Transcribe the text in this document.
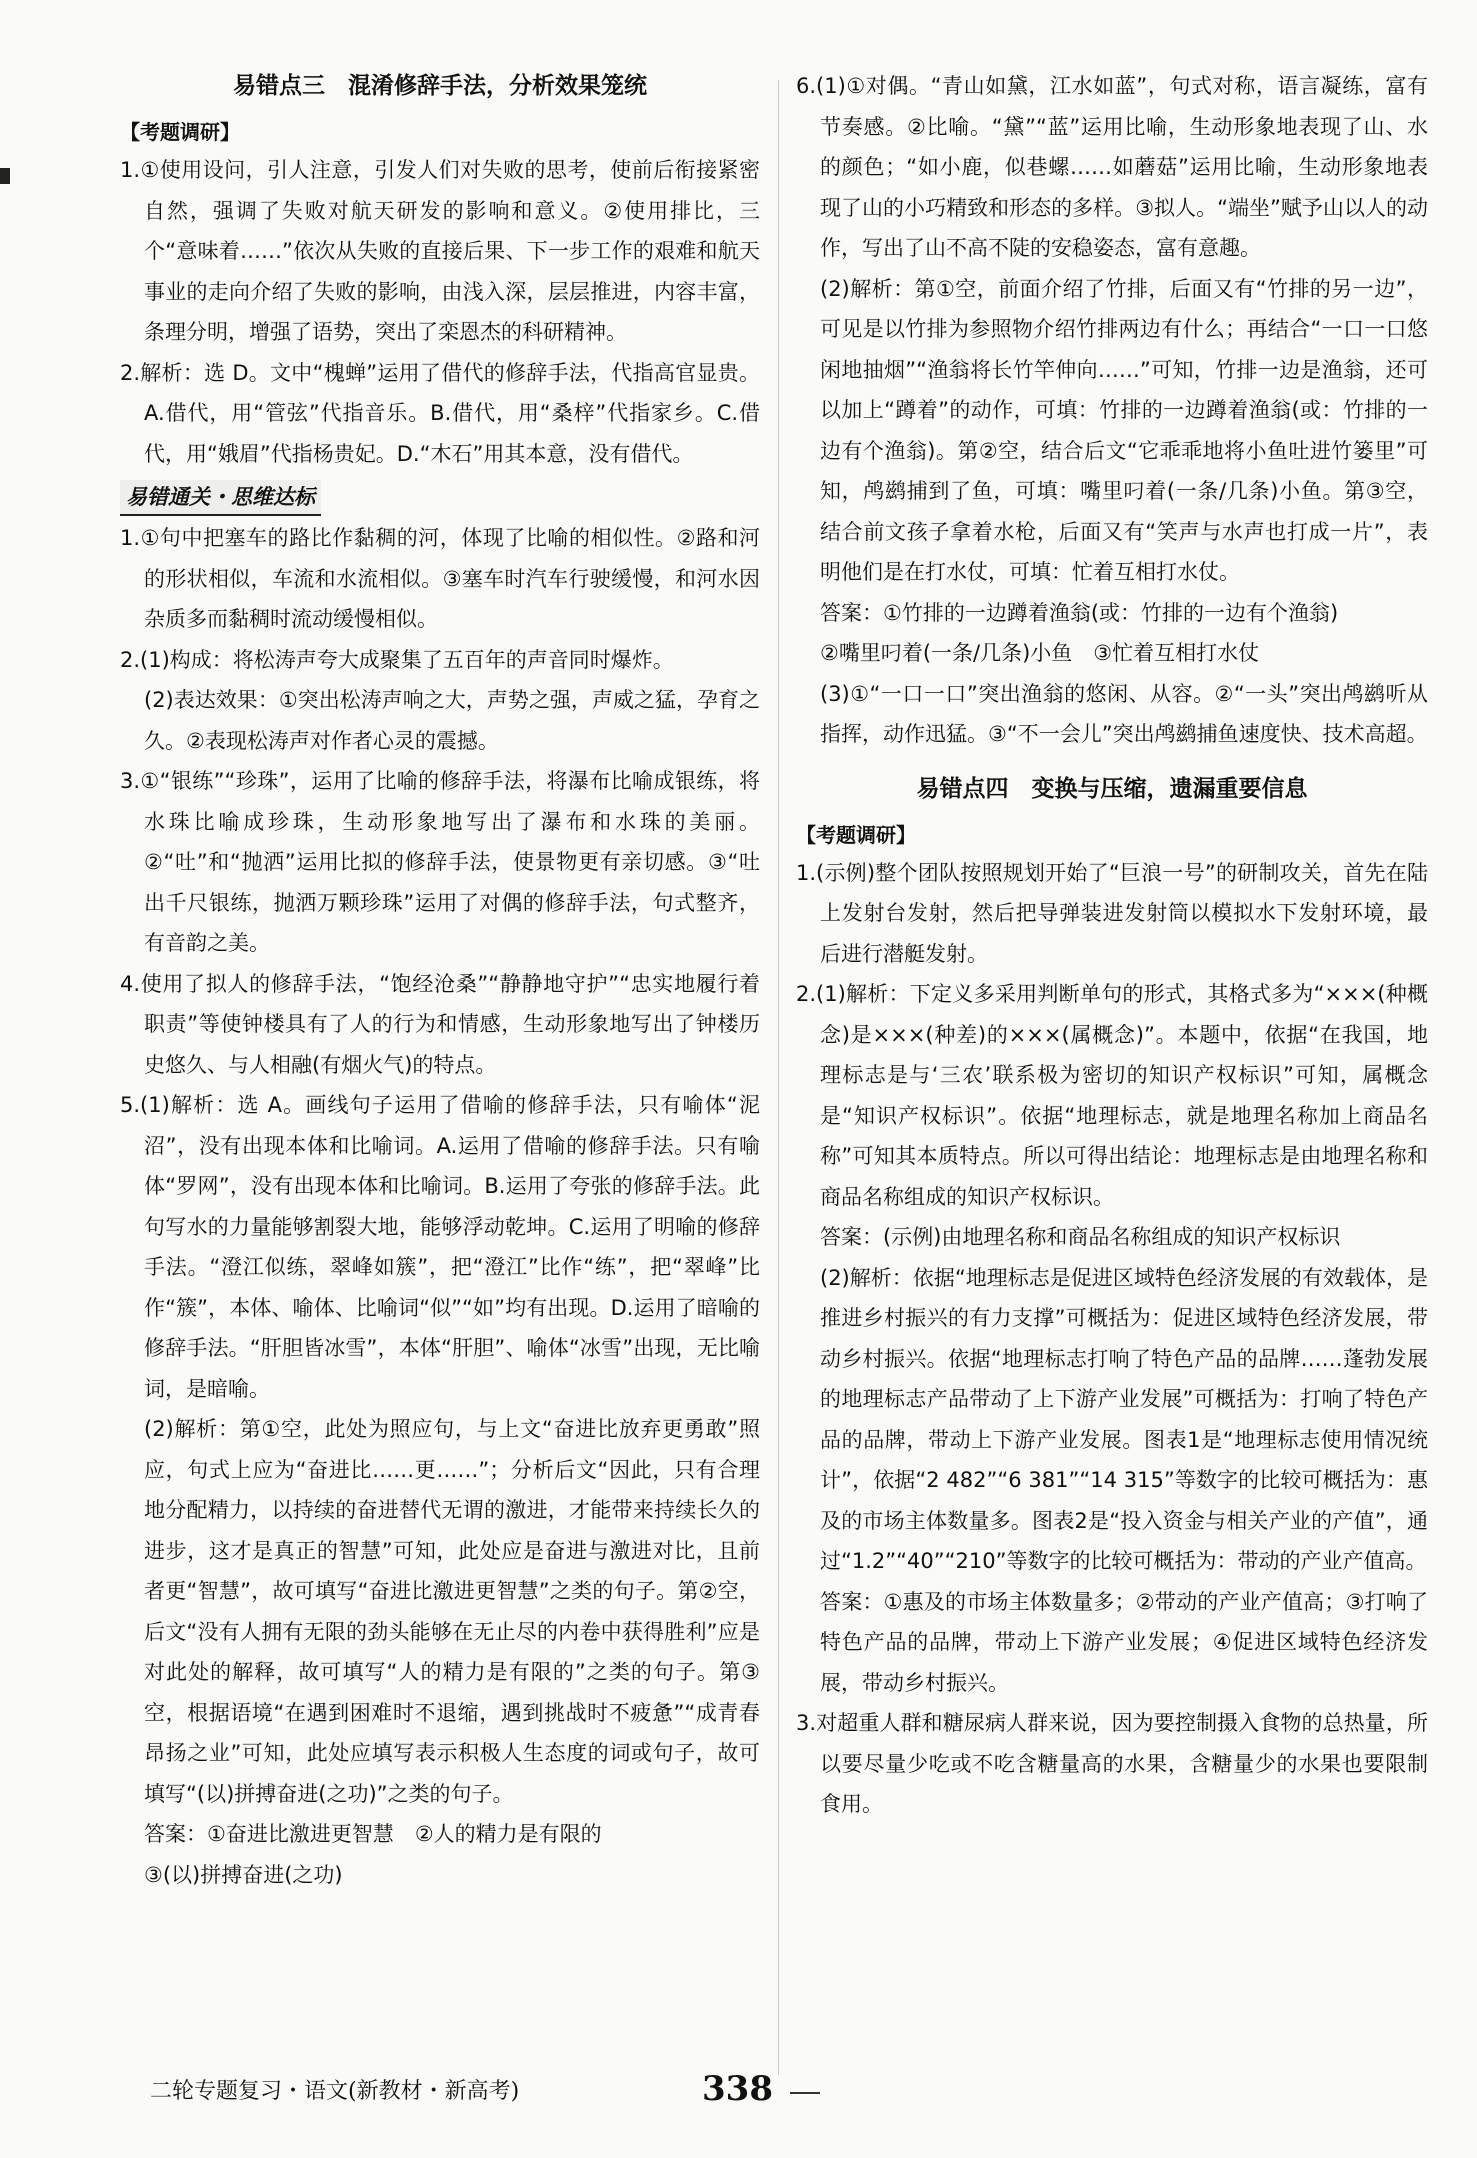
易错点三　混淆修辞手法，分析效果笼统
【考题调研】

1.①使用设问，引人注意，引发人们对失败的思考，使前后衔接紧密自然，强调了失败对航天研发的影响和意义。②使用排比，三个“意味着……”依次从失败的直接后果、下一步工作的艰难和航天事业的走向介绍了失败的影响，由浅入深，层层推进，内容丰富，条理分明，增强了语势，突出了栾恩杰的科研精神。

2.解析：选 D。文中“槐蝉”运用了借代的修辞手法，代指高官显贵。A.借代，用“管弦”代指音乐。B.借代，用“桑梓”代指家乡。C.借代，用“娥眉”代指杨贵妃。D.“木石”用其本意，没有借代。

易错通关・思维达标

1.①句中把塞车的路比作黏稠的河，体现了比喻的相似性。②路和河的形状相似，车流和水流相似。③塞车时汽车行驶缓慢，和河水因杂质多而黏稠时流动缓慢相似。

2.(1)构成：将松涛声夸大成聚集了五百年的声音同时爆炸。

(2)表达效果：①突出松涛声响之大，声势之强，声威之猛，孕育之久。②表现松涛声对作者心灵的震撼。

3.①“银练”“珍珠”，运用了比喻的修辞手法，将瀑布比喻成银练，将水珠比喻成珍珠，生动形象地写出了瀑布和水珠的美丽。②“吐”和“抛洒”运用比拟的修辞手法，使景物更有亲切感。③“吐出千尺银练，抛洒万颗珍珠”运用了对偶的修辞手法，句式整齐，有音韵之美。

4.使用了拟人的修辞手法，“饱经沧桑”“静静地守护”“忠实地履行着职责”等使钟楼具有了人的行为和情感，生动形象地写出了钟楼历史悠久、与人相融(有烟火气)的特点。

5.(1)解析：选 A。画线句子运用了借喻的修辞手法，只有喻体“泥沼”，没有出现本体和比喻词。A.运用了借喻的修辞手法。只有喻体“罗网”，没有出现本体和比喻词。B.运用了夸张的修辞手法。此句写水的力量能够割裂大地，能够浮动乾坤。C.运用了明喻的修辞手法。“澄江似练，翠峰如簇”，把“澄江”比作“练”，把“翠峰”比作“簇”，本体、喻体、比喻词“似”“如”均有出现。D.运用了暗喻的修辞手法。“肝胆皆冰雪”，本体“肝胆”、喻体“冰雪”出现，无比喻词，是暗喻。

(2)解析：第①空，此处为照应句，与上文“奋进比放弃更勇敢”照应，句式上应为“奋进比……更……”；分析后文“因此，只有合理地分配精力，以持续的奋进替代无谓的激进，才能带来持续长久的进步，这才是真正的智慧”可知，此处应是奋进与激进对比，且前者更“智慧”，故可填写“奋进比激进更智慧”之类的句子。第②空，后文“没有人拥有无限的劲头能够在无止尽的内卷中获得胜利”应是对此处的解释，故可填写“人的精力是有限的”之类的句子。第③空，根据语境“在遇到困难时不退缩，遇到挑战时不疲惫”“成青春昂扬之业”可知，此处应填写表示积极人生态度的词或句子，故可填写“(以)拼搏奋进(之功)”之类的句子。

答案：①奋进比激进更智慧　②人的精力是有限的

③(以)拼搏奋进(之功)

6.(1)①对偶。“青山如黛，江水如蓝”，句式对称，语言凝练，富有节奏感。②比喻。“黛”“蓝”运用比喻，生动形象地表现了山、水的颜色；“如小鹿，似巷螺……如蘑菇”运用比喻，生动形象地表现了山的小巧精致和形态的多样。③拟人。“端坐”赋予山以人的动作，写出了山不高不陡的安稳姿态，富有意趣。

(2)解析：第①空，前面介绍了竹排，后面又有“竹排的另一边”，可见是以竹排为参照物介绍竹排两边有什么；再结合“一口一口悠闲地抽烟”“渔翁将长竹竿伸向……”可知，竹排一边是渔翁，还可以加上“蹲着”的动作，可填：竹排的一边蹲着渔翁(或：竹排的一边有个渔翁)。第②空，结合后文“它乖乖地将小鱼吐进竹篓里”可知，鸬鹚捕到了鱼，可填：嘴里叼着(一条/几条)小鱼。第③空，结合前文孩子拿着水枪，后面又有“笑声与水声也打成一片”，表明他们是在打水仗，可填：忙着互相打水仗。

答案：①竹排的一边蹲着渔翁(或：竹排的一边有个渔翁)

②嘴里叼着(一条/几条)小鱼　③忙着互相打水仗

(3)①“一口一口”突出渔翁的悠闲、从容。②“一头”突出鸬鹚听从指挥，动作迅猛。③“不一会儿”突出鸬鹚捕鱼速度快、技术高超。

易错点四　变换与压缩，遗漏重要信息
【考题调研】

1.(示例)整个团队按照规划开始了“巨浪一号”的研制攻关，首先在陆上发射台发射，然后把导弹装进发射筒以模拟水下发射环境，最后进行潜艇发射。

2.(1)解析：下定义多采用判断单句的形式，其格式多为“×××(种概念)是×××(种差)的×××(属概念)”。本题中，依据“在我国，地理标志是与‘三农’联系极为密切的知识产权标识”可知，属概念是“知识产权标识”。依据“地理标志，就是地理名称加上商品名称”可知其本质特点。所以可得出结论：地理标志是由地理名称和商品名称组成的知识产权标识。

答案：(示例)由地理名称和商品名称组成的知识产权标识

(2)解析：依据“地理标志是促进区域特色经济发展的有效载体，是推进乡村振兴的有力支撑”可概括为：促进区域特色经济发展，带动乡村振兴。依据“地理标志打响了特色产品的品牌……蓬勃发展的地理标志产品带动了上下游产业发展”可概括为：打响了特色产品的品牌，带动上下游产业发展。图表1是“地理标志使用情况统计”，依据“2 482”“6 381”“14 315”等数字的比较可概括为：惠及的市场主体数量多。图表2是“投入资金与相关产业的产值”，通过“1.2”“40”“210”等数字的比较可概括为：带动的产业产值高。

答案：①惠及的市场主体数量多；②带动的产业产值高；③打响了特色产品的品牌，带动上下游产业发展；④促进区域特色经济发展，带动乡村振兴。

3.对超重人群和糖尿病人群来说，因为要控制摄入食物的总热量，所以要尽量少吃或不吃含糖量高的水果，含糖量少的水果也要限制食用。

二轮专题复习・语文(新教材・新高考)	338
